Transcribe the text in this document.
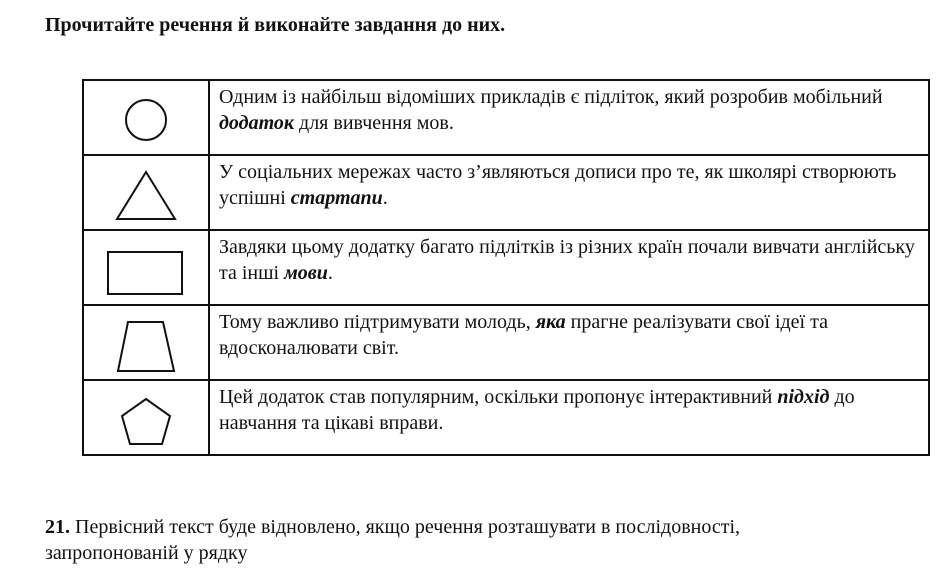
Прочитайте речення й виконайте завдання до них.
	Одним із найбільш відоміших прикладів є підліток, який розробив мобільний додаток для вивчення мов.

	У соціальних мережах часто з’являються дописи про те, як школярі створюють успішні стартапи.

	Завдяки цьому додатку багато підлітків із різних країн почали вивчати англійську та інші мови.

	Тому важливо підтримувати молодь, яка прагне реалізувати свої ідеї та вдосконалювати світ.

	Цей додаток став популярним, оскільки пропонує інтерактивний підхід до навчання та цікаві вправи.

21. Первісний текст буде відновлено, якщо речення розташувати в послідовності,
запропонованій у рядку
